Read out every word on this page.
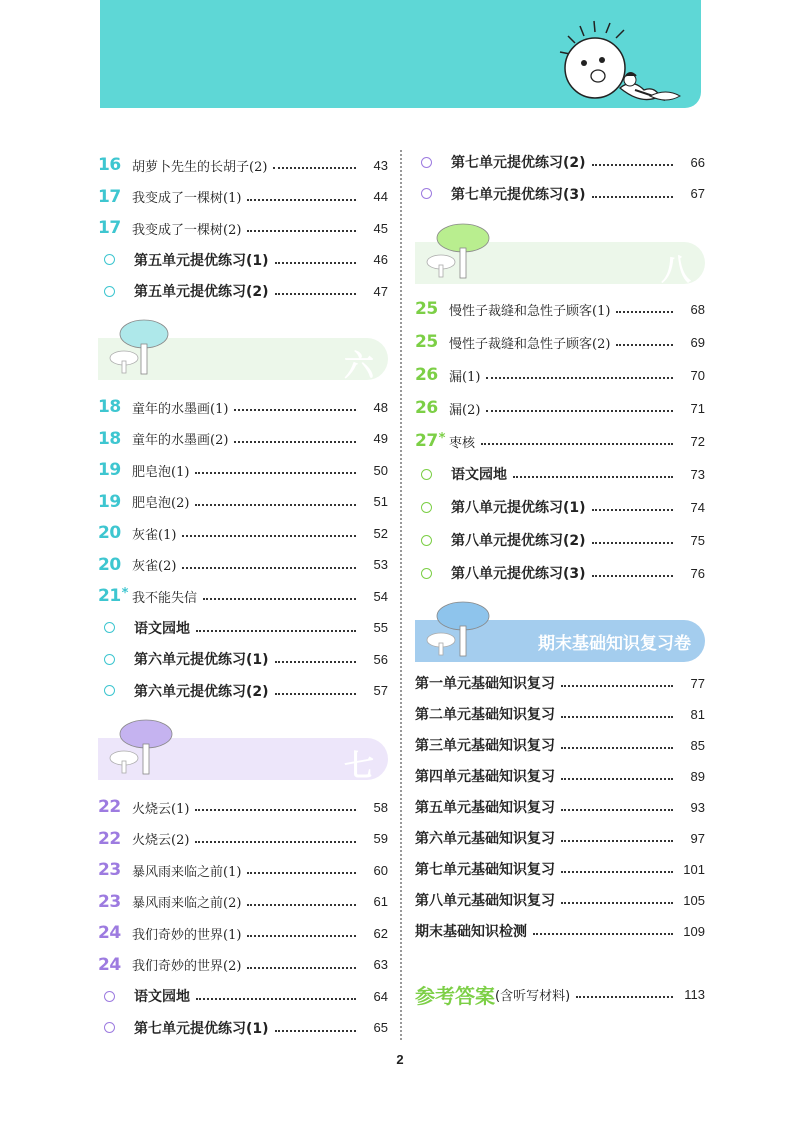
16 胡萝卜先生的长胡子(2)	43
17 我变成了一棵树(1)	44
17 我变成了一棵树(2)	45
第五单元提优练习(1)	46
第五单元提优练习(2)	47
六
18 童年的水墨画(1)	48
18 童年的水墨画(2)	49
19 肥皂泡(1)	50
19 肥皂泡(2)	51
20 灰雀(1)	52
20 灰雀(2)	53
21* 我不能失信	54
语文园地	55
第六单元提优练习(1)	56
第六单元提优练习(2)	57
七
22 火烧云(1)	58
22 火烧云(2)	59
23 暴风雨来临之前(1)	60
23 暴风雨来临之前(2)	61
24 我们奇妙的世界(1)	62
24 我们奇妙的世界(2)	63
语文园地	64
第七单元提优练习(1)	65
第七单元提优练习(2)	66
第七单元提优练习(3)	67
八
25 慢性子裁缝和急性子顾客(1)	68
25 慢性子裁缝和急性子顾客(2)	69
26 漏(1)	70
26 漏(2)	71
27* 枣核	72
语文园地	73
第八单元提优练习(1)	74
第八单元提优练习(2)	75
第八单元提优练习(3)	76
期末基础知识复习卷
第一单元基础知识复习	77
第二单元基础知识复习	81
第三单元基础知识复习	85
第四单元基础知识复习	89
第五单元基础知识复习	93
第六单元基础知识复习	97
第七单元基础知识复习	101
第八单元基础知识复习	105
期末基础知识检测	109
参考答案 (含听写材料)	113
2
